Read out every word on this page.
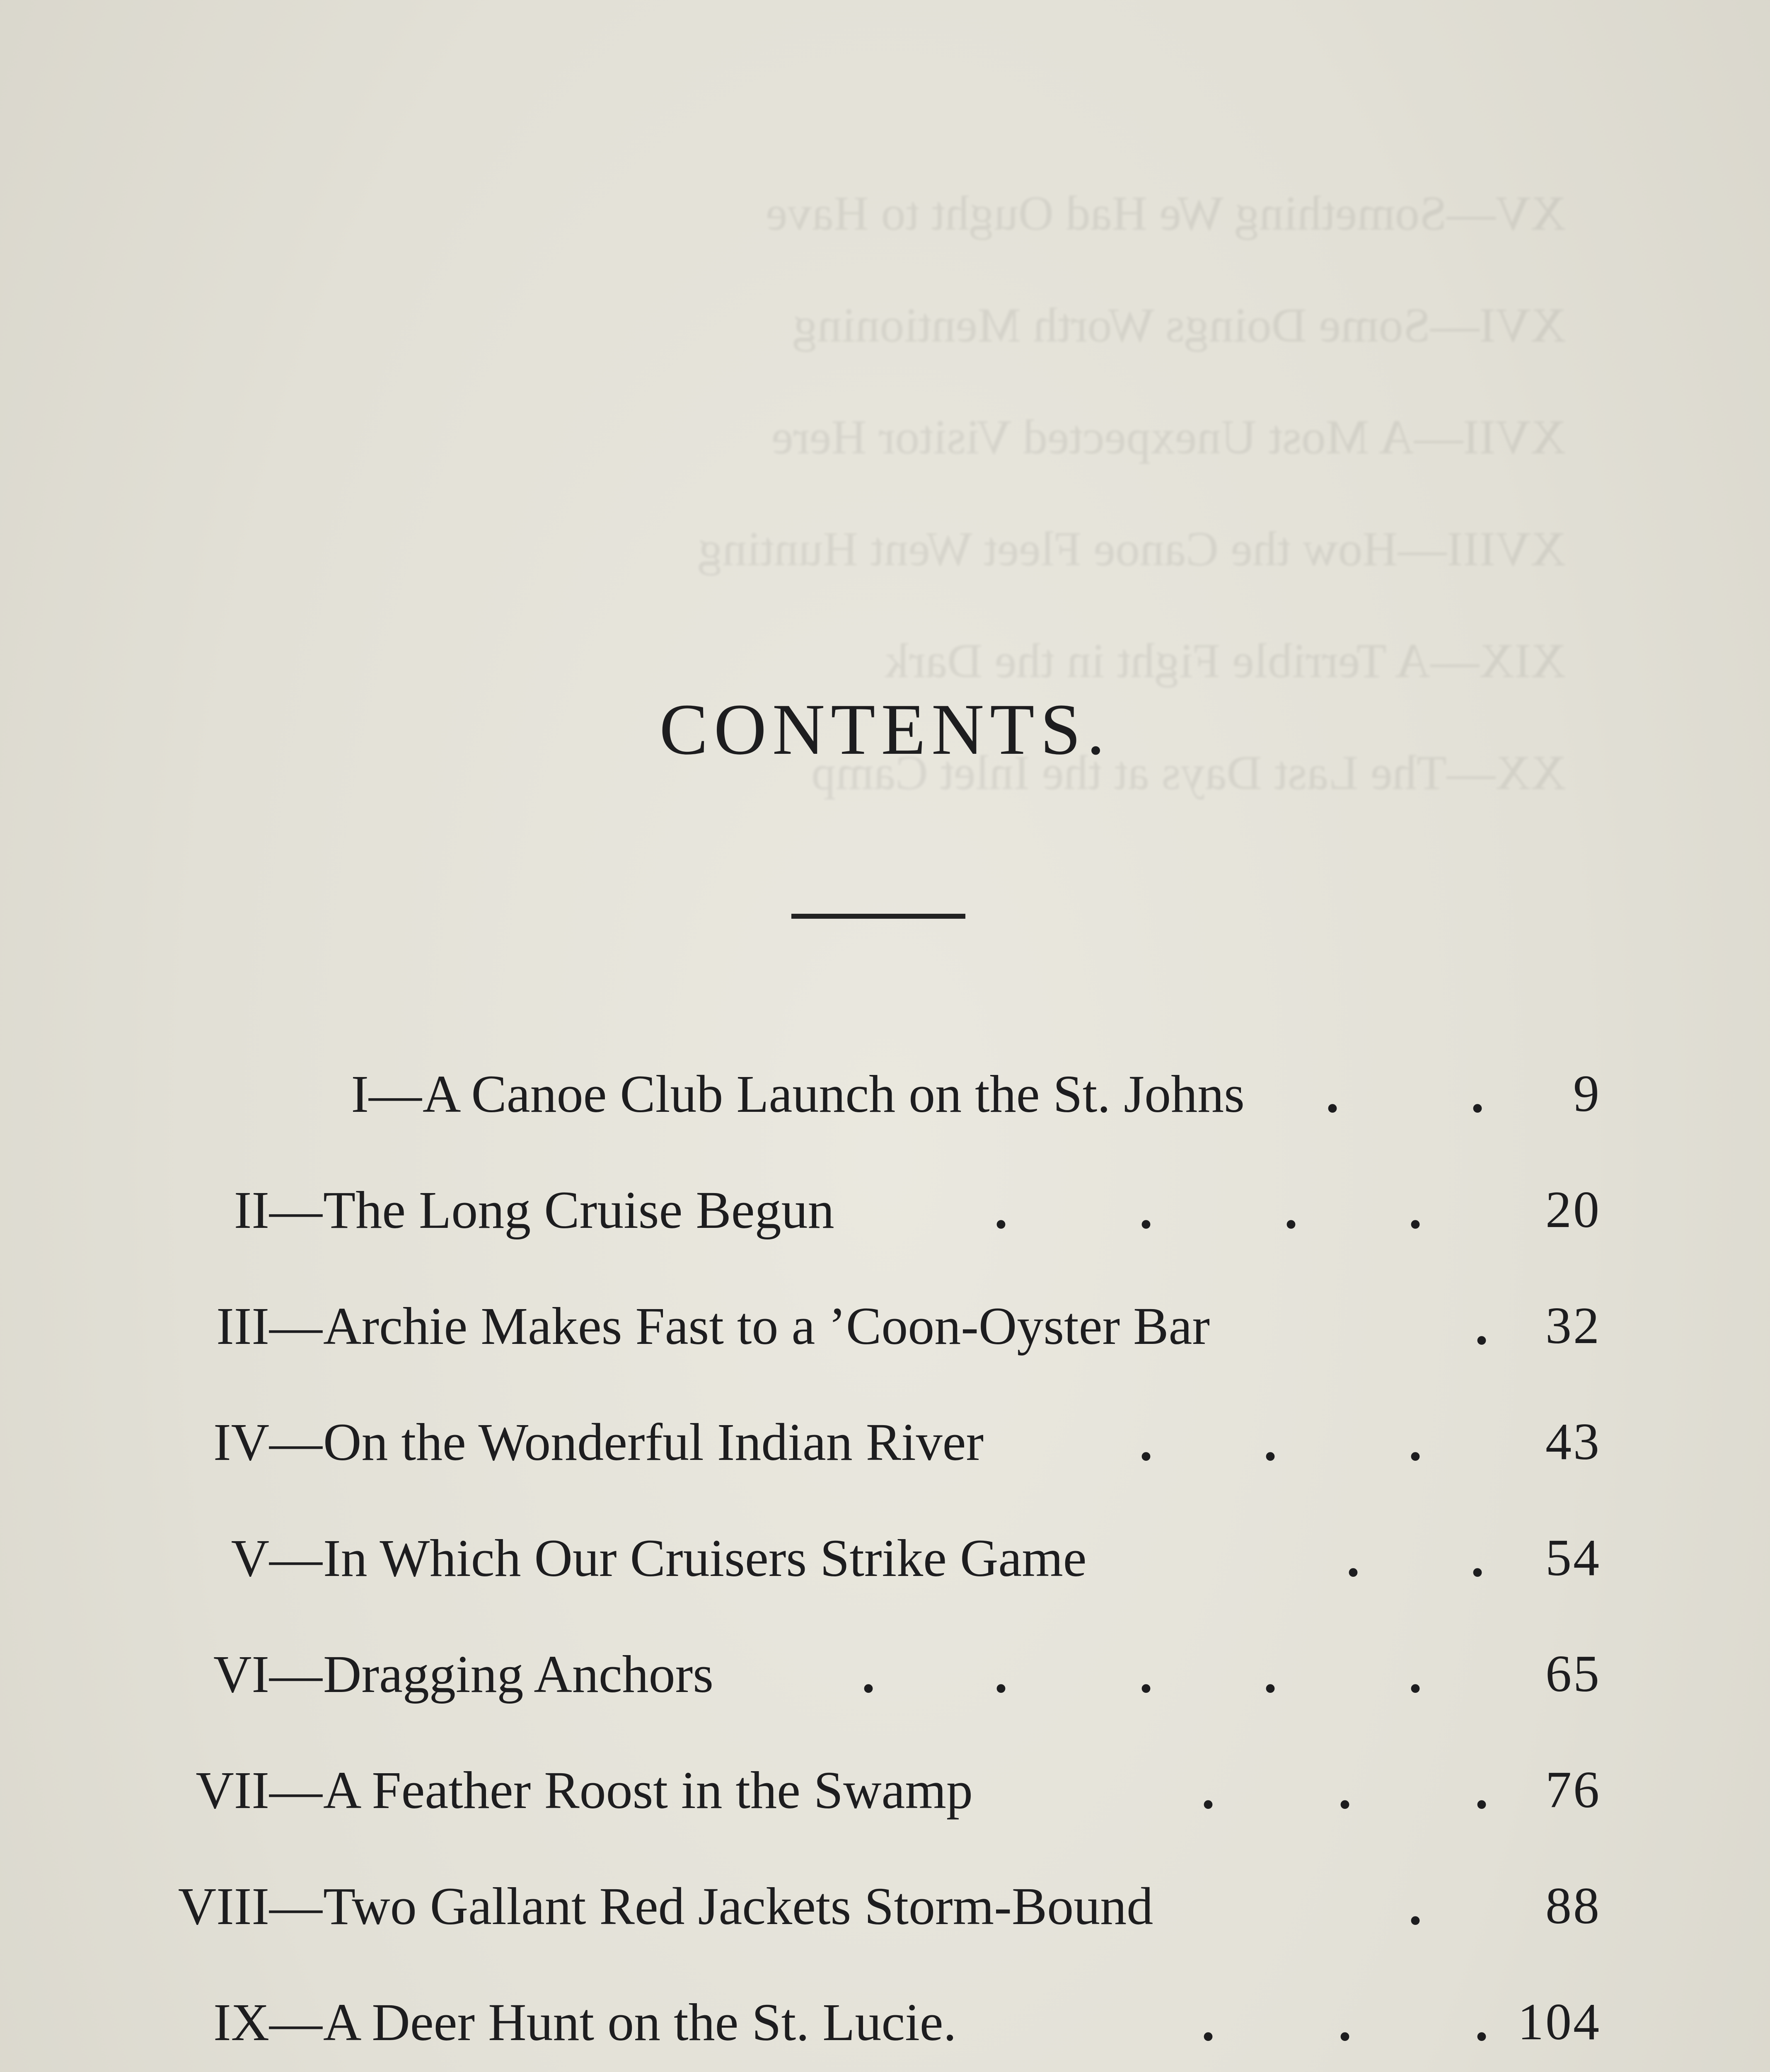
XV—Something We Had Ought to Have
XVI—Some Doings Worth Mentioning
XVII—A Most Unexpected Visitor Here
XVIII—How the Canoe Fleet Went Hunting
XIX—A Terrible Fight in the Dark
XX—The Last Days at the Inlet Camp
CONTENTS.
I — A Canoe Club Launch on the St. Johns . . 9
II — The Long Cruise Begun	. . . . 20
III — Archie Makes Fast to a ’Coon-Oyster Bar	. 32
IV — On the Wonderful Indian River	. . . 43
V — In Which Our Cruisers Strike Game	. . 54
VI — Dragging Anchors	. . . . . 65
VII — A Feather Roost in the Swamp	. . . 76
VIII — Two Gallant Red Jackets Storm-Bound	. 88
IX — A Deer Hunt on the St. Lucie.	. . . 104
